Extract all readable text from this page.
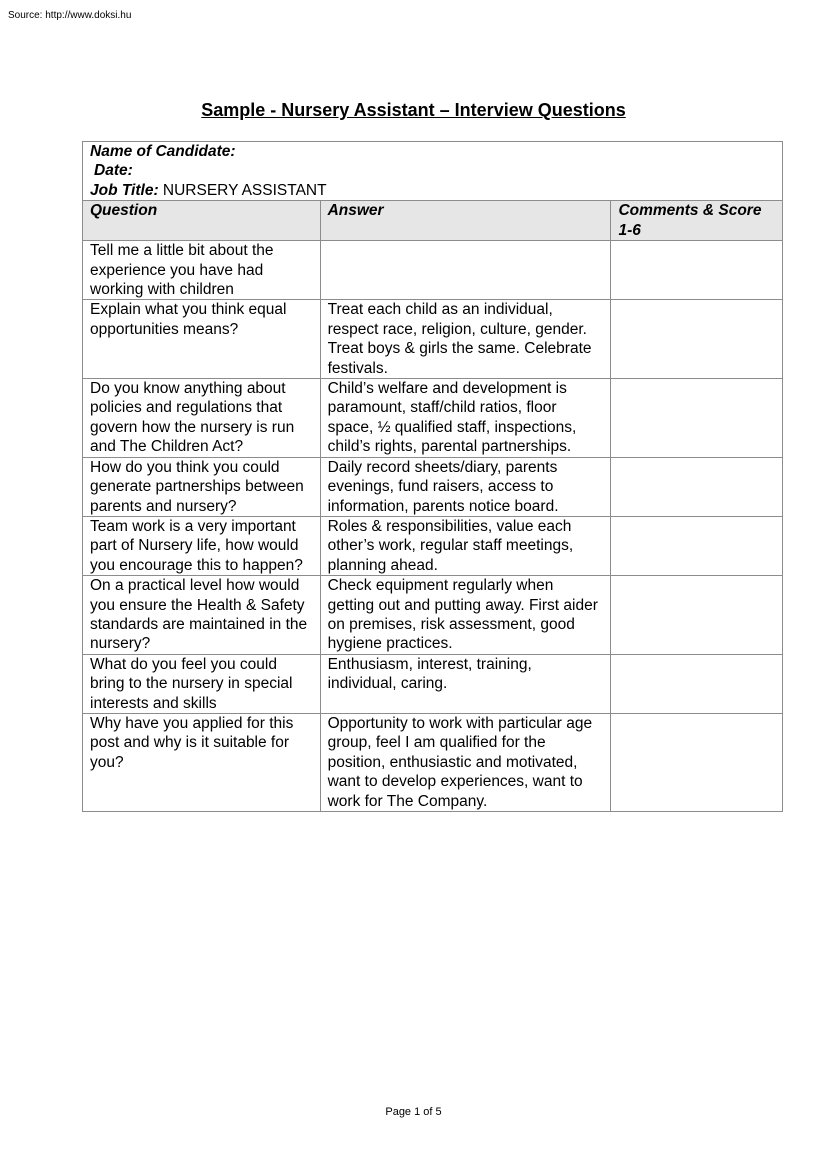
Source: http://www.doksi.hu
Sample - Nursery Assistant – Interview Questions
Name of Candidate:
Date:
Job Title: NURSERY ASSISTANT		

Question	Answer	Comments & Score 1-6
Tell me a little bit about the experience you have had working with children		
Explain what you think equal opportunities means?	Treat each child as an individual, respect race, religion, culture, gender. Treat boys & girls the same. Celebrate festivals.	
Do you know anything about policies and regulations that govern how the nursery is run and The Children Act?	Child’s welfare and development is paramount, staff/child ratios, floor space, ½ qualified staff, inspections, child’s rights, parental partnerships.	
How do you think you could generate partnerships between parents and nursery?	Daily record sheets/diary, parents evenings, fund raisers, access to information, parents notice board.	
Team work is a very important part of Nursery life, how would you encourage this to happen?	Roles & responsibilities, value each other’s work, regular staff meetings, planning ahead.	
On a practical level how would you ensure the Health & Safety standards are maintained in the nursery?	Check equipment regularly when getting out and putting away. First aider on premises, risk assessment, good hygiene practices.	
What do you feel you could bring to the nursery in special interests and skills	Enthusiasm, interest, training, individual, caring.	
Why have you applied for this post and why is it suitable for you?	Opportunity to work with particular age group, feel I am qualified for the position, enthusiastic and motivated, want to develop experiences, want to work for The Company.	
Page 1 of 5
